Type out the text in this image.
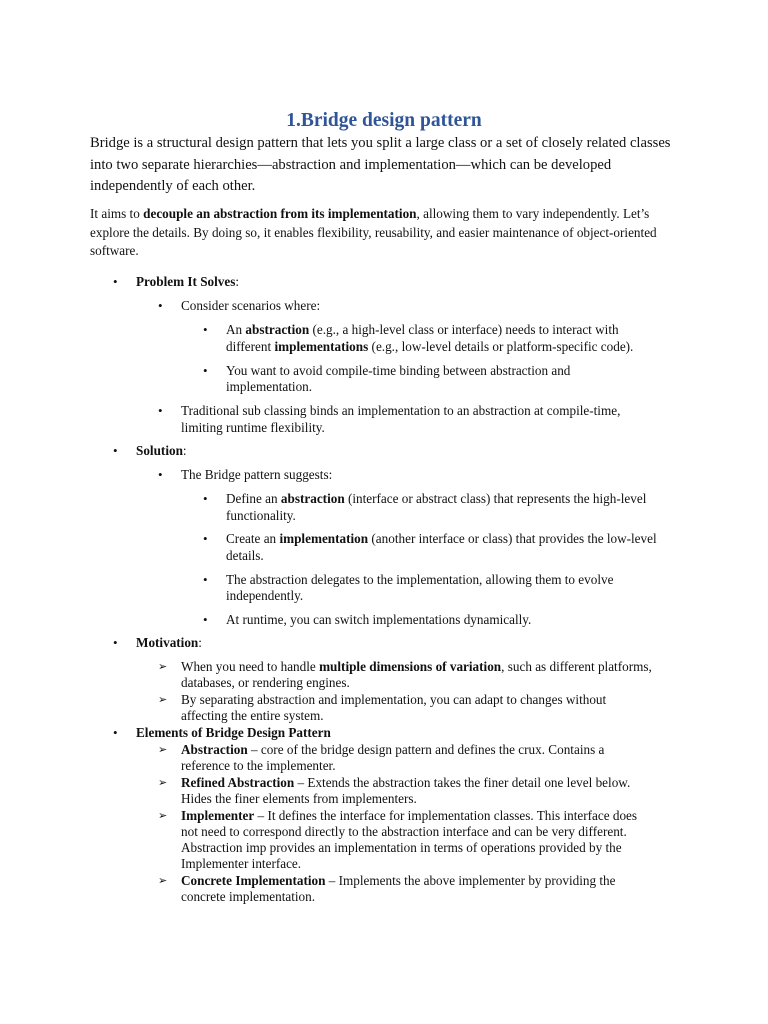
1.Bridge design pattern

Bridge is a structural design pattern that lets you split a large class or a set of closely related classes into two separate hierarchies—abstraction and implementation—which can be developed independently of each other.

It aims to decouple an abstraction from its implementation, allowing them to vary independently. Let’s explore the details. By doing so, it enables flexibility, reusability, and easier maintenance of object-oriented software.

• Problem It Solves:

• Consider scenarios where:

• An abstraction (e.g., a high-level class or interface) needs to interact with

different implementations (e.g., low-level details or platform-specific code).

• You want to avoid compile-time binding between abstraction and

implementation.

• Traditional sub classing binds an implementation to an abstraction at compile-time,

limiting runtime flexibility.

• Solution:

• The Bridge pattern suggests:

• Define an abstraction (interface or abstract class) that represents the high-level

functionality.

• Create an implementation (another interface or class) that provides the low-level

details.

• The abstraction delegates to the implementation, allowing them to evolve

independently.

• At runtime, you can switch implementations dynamically.

• Motivation:

➢ When you need to handle multiple dimensions of variation, such as different platforms,

databases, or rendering engines.

➢ By separating abstraction and implementation, you can adapt to changes without

affecting the entire system.

• Elements of Bridge Design Pattern

➢ Abstraction – core of the bridge design pattern and defines the crux. Contains a

reference to the implementer.

➢ Refined Abstraction – Extends the abstraction takes the finer detail one level below.

Hides the finer elements from implementers.

➢ Implementer – It defines the interface for implementation classes. This interface does

not need to correspond directly to the abstraction interface and can be very different.

Abstraction imp provides an implementation in terms of operations provided by the

Implementer interface.

➢ Concrete Implementation – Implements the above implementer by providing the

concrete implementation.
